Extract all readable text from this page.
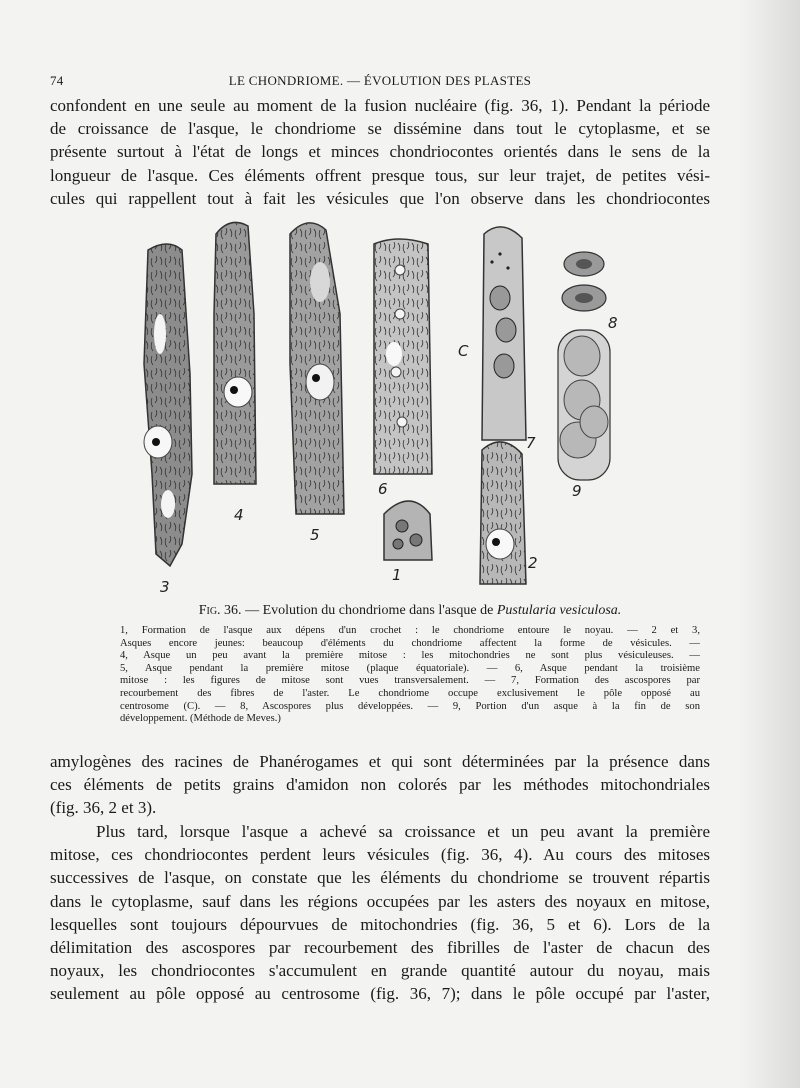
74	LE CHONDRIOME. — ÉVOLUTION DES PLASTES

confondent en une seule au moment de la fusion nucléaire (fig. 36, 1). Pendant la période
de croissance de l'asque, le chondriome se dissémine dans tout le cytoplasme, et se
présente surtout à l'état de longs et minces chondriocontes orientés dans le sens de la
longueur de l'asque. Ces éléments offrent presque tous, sur leur trajet, de petites vési-
cules qui rappellent tout à fait les vésicules que l'on observe dans les chondriocontes

3
4
5
6
1
C
7
2
8
9
Fig. 36. — Evolution du chondriome dans l'asque de Pustularia vesiculosa.
1, Formation de l'asque aux dépens d'un crochet : le chondriome entoure le noyau. — 2 et 3,
Asques encore jeunes: beaucoup d'éléments du chondriome affectent la forme de vésicules. —
4, Asque un peu avant la première mitose : les mitochondries ne sont plus vésiculeuses. —
5, Asque pendant la première mitose (plaque équatoriale). — 6, Asque pendant la troisième
mitose : les figures de mitose sont vues transversalement. — 7, Formation des ascospores par
recourbement des fibres de l'aster. Le chondriome occupe exclusivement le pôle opposé au
centrosome (C). — 8, Ascospores plus développées. — 9, Portion d'un asque à la fin de son
développement. (Méthode de Meves.)

amylogènes des racines de Phanérogames et qui sont déterminées par la présence dans
ces éléments de petits grains d'amidon non colorés par les méthodes mitochondriales
(fig. 36, 2 et 3).

Plus tard, lorsque l'asque a achevé sa croissance et un peu avant la première
mitose, ces chondriocontes perdent leurs vésicules (fig. 36, 4). Au cours des mitoses
successives de l'asque, on constate que les éléments du chondriome se trouvent répartis
dans le cytoplasme, sauf dans les régions occupées par les asters des noyaux en mitose,
lesquelles sont toujours dépourvues de mitochondries (fig. 36, 5 et 6). Lors de la
délimitation des ascospores par recourbement des fibrilles de l'aster de chacun des
noyaux, les chondriocontes s'accumulent en grande quantité autour du noyau, mais
seulement au pôle opposé au centrosome (fig. 36, 7); dans le pôle occupé par l'aster,
